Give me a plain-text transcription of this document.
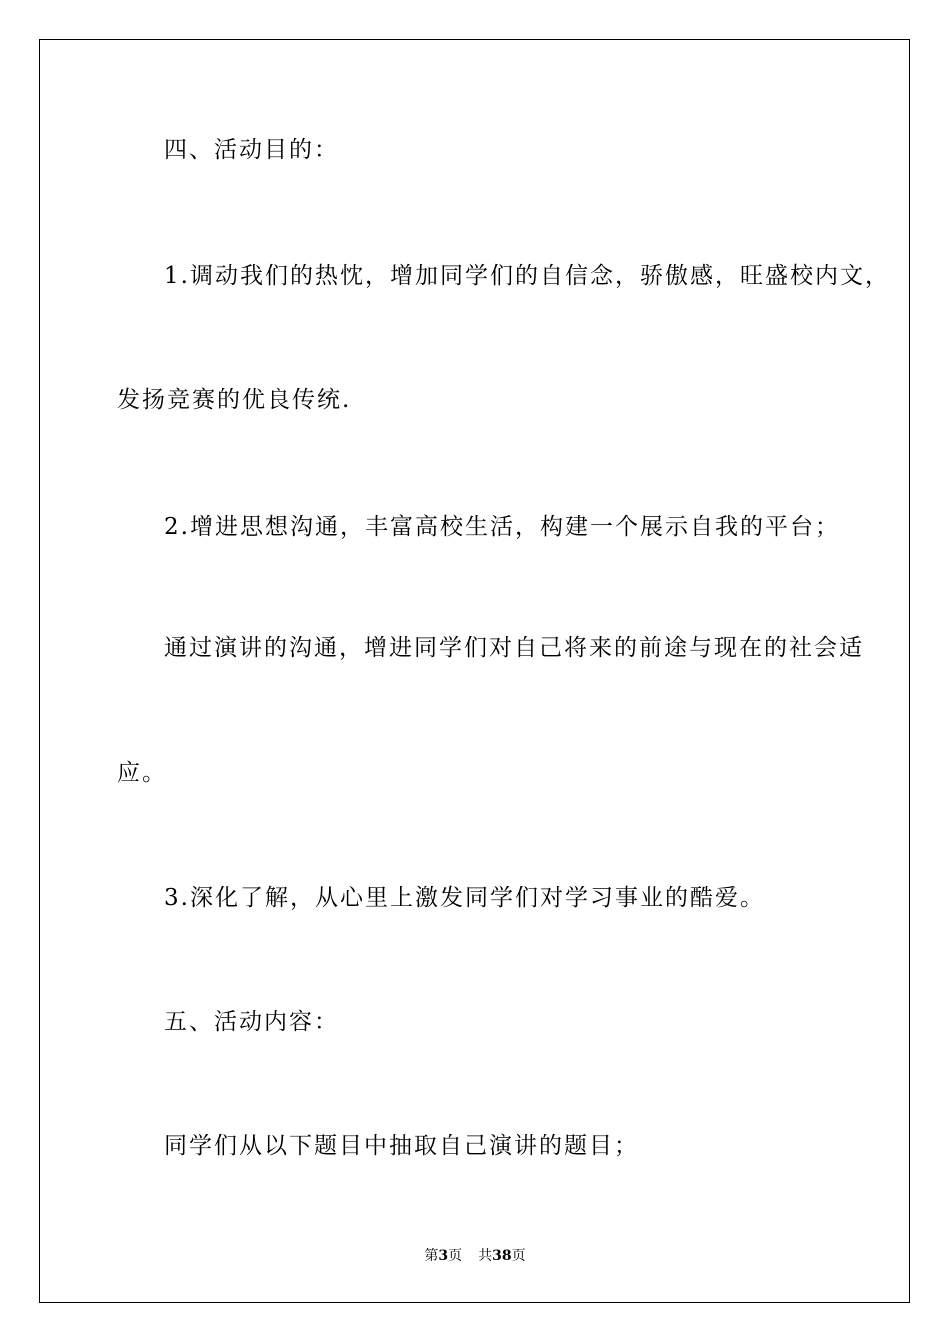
四、活动目的：
1.调动我们的热忱，增加同学们的自信念，骄傲感，旺盛校内文，
发扬竞赛的优良传统.
2.增进思想沟通，丰富高校生活，构建一个展示自我的平台；
通过演讲的沟通，增进同学们对自己将来的前途与现在的社会适
应。
3.深化了解，从心里上激发同学们对学习事业的酷爱。
五、活动内容：
同学们从以下题目中抽取自己演讲的题目；
第3页 共38页
